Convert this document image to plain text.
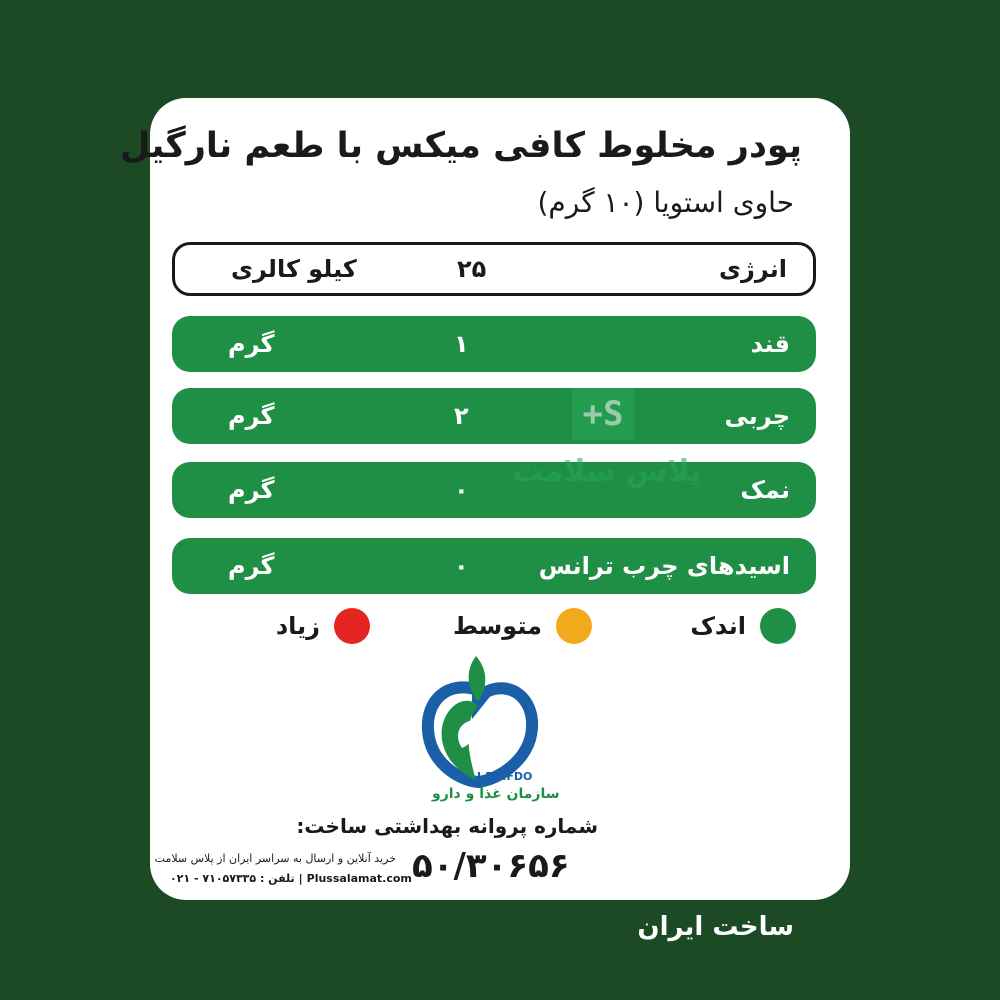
پودر مخلوط کافی میکس با طعم نارگیل
حاوی استویا (۱۰ گرم)
انرژی
۲۵
کیلو کالری
قند
۱
گرم
چربی
۲
گرم
نمک
۰
گرم
اسیدهای چرب ترانس
۰
گرم
+S
پلاس سلامت
اندک
متوسط
زیاد
I.R.I.FDO
سازمان غذا و دارو
شماره پروانه بهداشتی ساخت:
۵۰/۳۰۶۵۶
خرید آنلاین و ارسال به سراسر ایران از پلاس سلامت
تلفن : ۷۱۰۵۷۳۳۵ - ۰۲۱ | Plussalamat.com
ساخت ایران
